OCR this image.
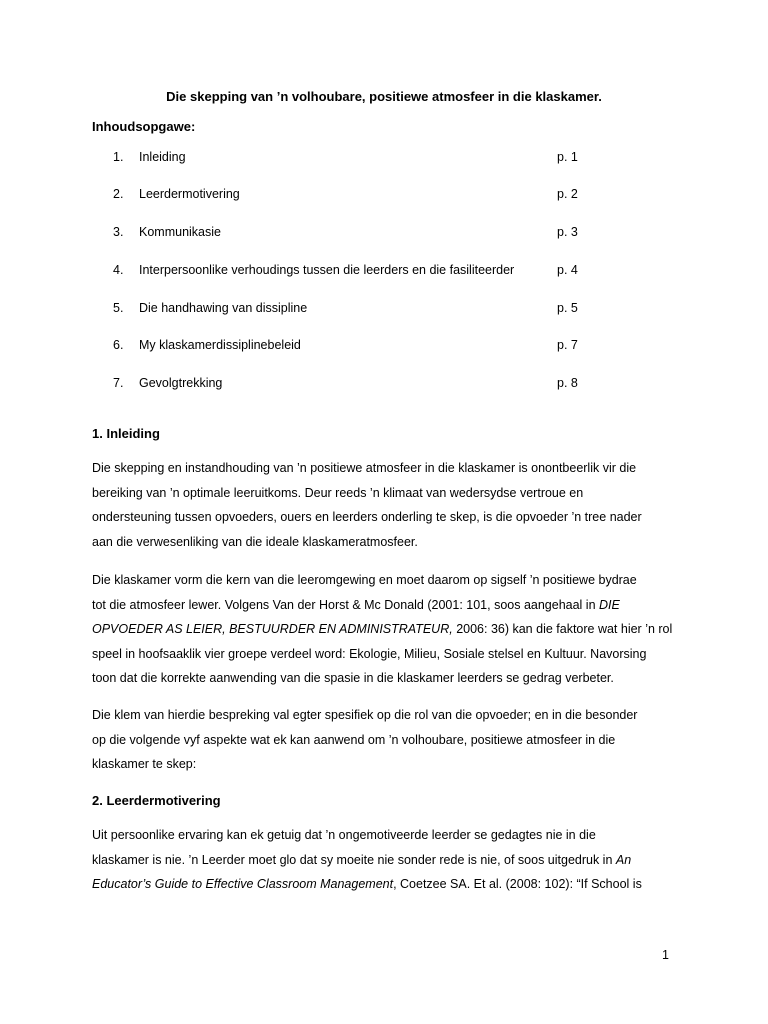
Die skepping van ’n volhoubare, positiewe atmosfeer in die klaskamer.
Inhoudsopgawe:
1. Inleiding	p. 1
2. Leerdermotivering	p. 2
3. Kommunikasie	p. 3
4. Interpersoonlike verhoudings tussen die leerders en die fasiliteerder	p. 4
5. Die handhawing van dissipline	p. 5
6. My klaskamerdissiplinebeleid	p. 7
7. Gevolgtrekking	p. 8
1. Inleiding
Die skepping en instandhouding van ’n positiewe atmosfeer in die klaskamer is onontbeerlik vir die
bereiking van ’n optimale leeruitkoms. Deur reeds ’n klimaat van wedersydse vertroue en
ondersteuning tussen opvoeders, ouers en leerders onderling te skep, is die opvoeder ’n tree nader
aan die verwesenliking van die ideale klaskameratmosfeer.
Die klaskamer vorm die kern van die leeromgewing en moet daarom op sigself ’n positiewe bydrae
tot die atmosfeer lewer. Volgens Van der Horst & Mc Donald (2001: 101, soos aangehaal in DIE
OPVOEDER AS LEIER, BESTUURDER EN ADMINISTRATEUR, 2006: 36) kan die faktore wat hier ’n rol
speel in hoofsaaklik vier groepe verdeel word: Ekologie, Milieu, Sosiale stelsel en Kultuur. Navorsing
toon dat die korrekte aanwending van die spasie in die klaskamer leerders se gedrag verbeter.
Die klem van hierdie bespreking val egter spesifiek op die rol van die opvoeder; en in die besonder
op die volgende vyf aspekte wat ek kan aanwend om ’n volhoubare, positiewe atmosfeer in die
klaskamer te skep:
2. Leerdermotivering
Uit persoonlike ervaring kan ek getuig dat ’n ongemotiveerde leerder se gedagtes nie in die
klaskamer is nie. ’n Leerder moet glo dat sy moeite nie sonder rede is nie, of soos uitgedruk in An
Educator’s Guide to Effective Classroom Management, Coetzee SA. Et al. (2008: 102): “If School is
1
